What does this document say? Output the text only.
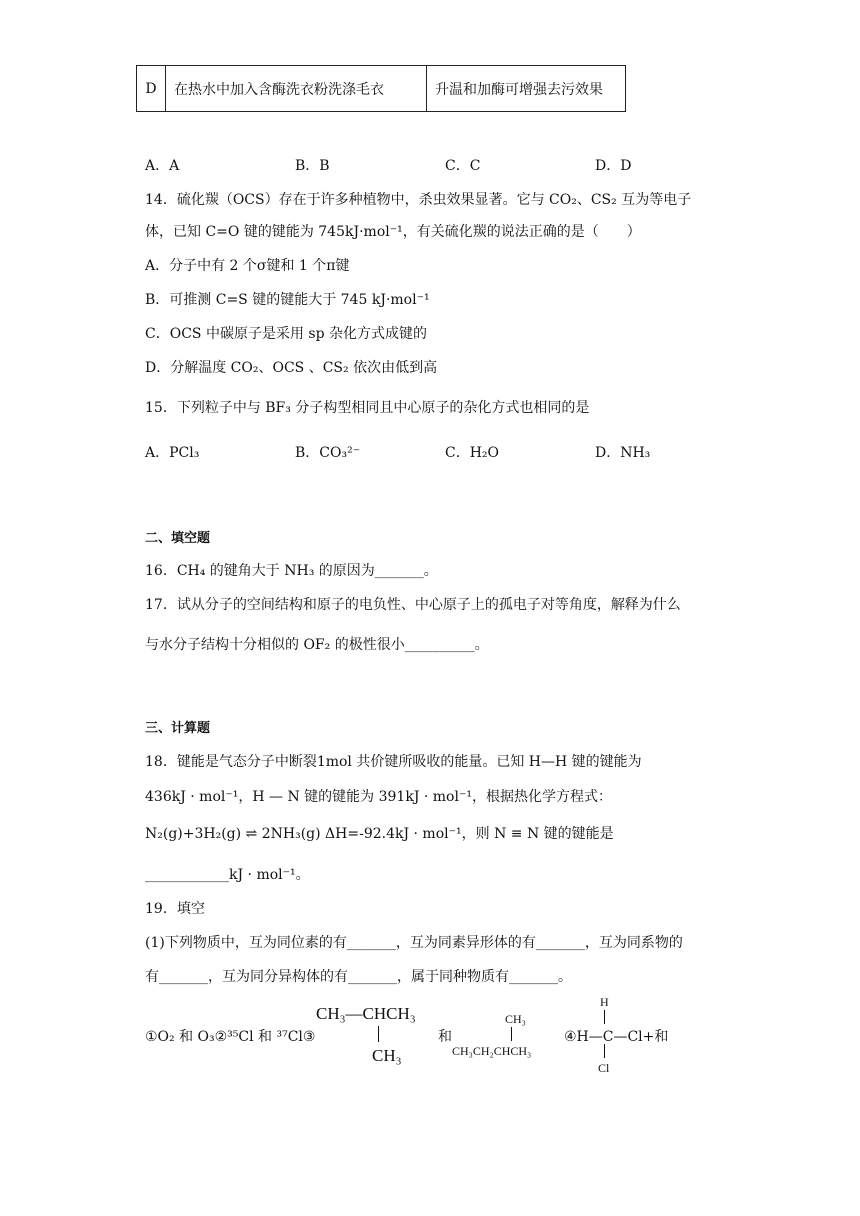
D	在热水中加入含酶洗衣粉洗涤毛衣	升温和加酶可增强去污效果
A．A	B．B	C．C	D．D
14．硫化羰（OCS）存在于许多种植物中，杀虫效果显著。它与 CO₂、CS₂ 互为等电子
体，已知 C=O 键的键能为 745kJ·mol⁻¹，有关硫化羰的说法正确的是（　　）
A．分子中有 2 个σ键和 1 个π键
B．可推测 C=S 键的键能大于 745 kJ·mol⁻¹
C．OCS 中碳原子是采用 sp 杂化方式成键的
D．分解温度 CO₂、OCS 、CS₂ 依次由低到高
15．下列粒子中与 BF₃ 分子构型相同且中心原子的杂化方式也相同的是
A．PCl₃	B．CO₃²⁻	C．H₂O	D．NH₃
二、填空题
16．CH₄ 的键角大于 NH₃ 的原因为_______。
17．试从分子的空间结构和原子的电负性、中心原子上的孤电子对等角度，解释为什么
与水分子结构十分相似的 OF₂ 的极性很小__________。
三、计算题
18．键能是气态分子中断裂1mol 共价键所吸收的能量。已知 H—H 键的键能为
436kJ · mol⁻¹，H — N 键的键能为 391kJ · mol⁻¹，根据热化学方程式：
N₂(g)+3H₂(g) ⇌ 2NH₃(g) ΔH=-92.4kJ · mol⁻¹，则 N ≡ N 键的键能是
____________kJ · mol⁻¹。
19．填空
(1)下列物质中，互为同位素的有_______，互为同素异形体的有_______，互为同系物的
有_______，互为同分异构体的有_______，属于同种物质有_______。
①O₂ 和 O₃②³⁵Cl 和 ³⁷Cl③
CH₃—CHCH₃
CH₃
和
CH₃
CH₃CH₂CHCH₃
④H—C—Cl+和
H
Cl
